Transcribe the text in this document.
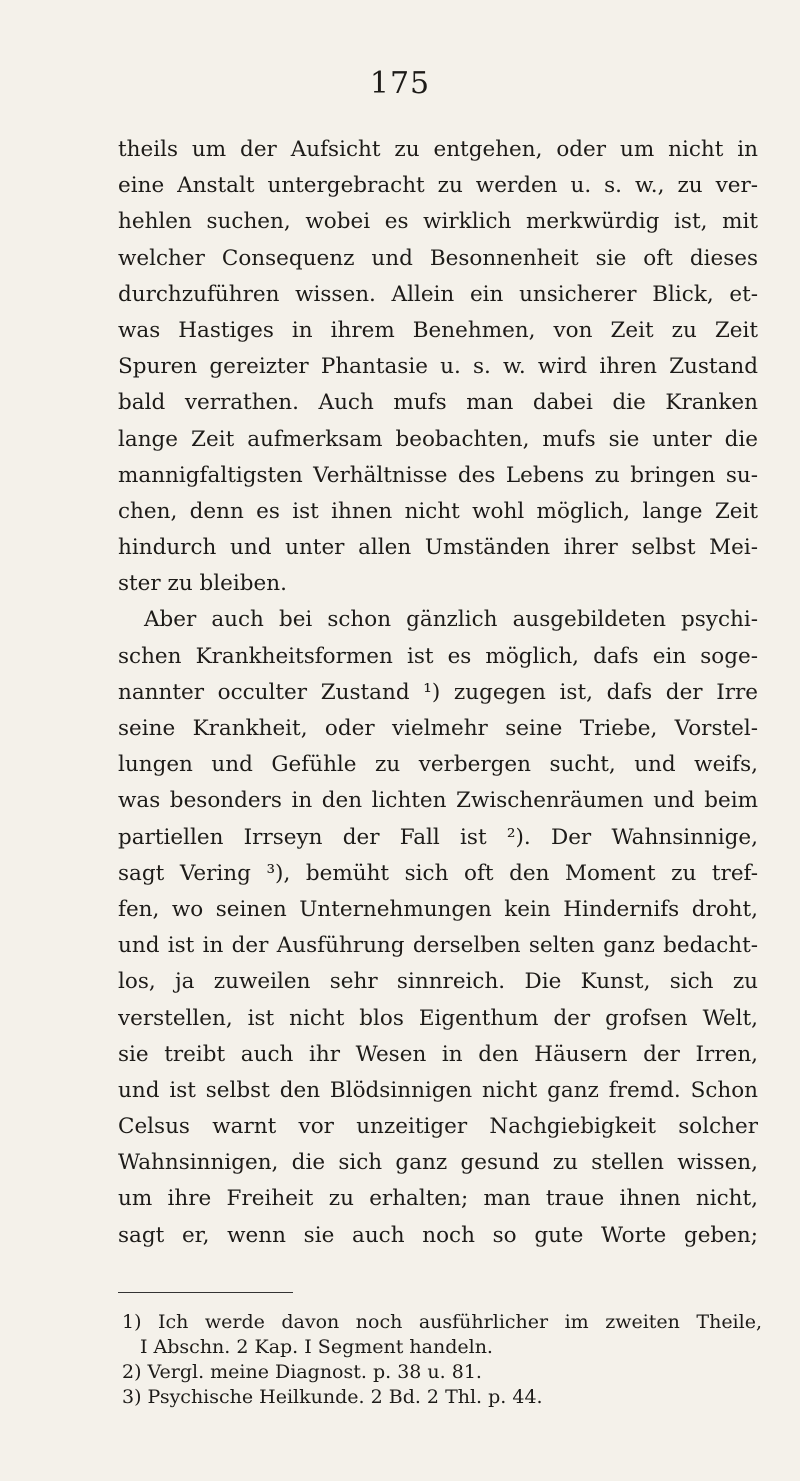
175
theils um der Aufsicht zu entgehen, oder um nicht in
eine Anstalt untergebracht zu werden u. s. w., zu ver-
hehlen suchen, wobei es wirklich merkwürdig ist, mit
welcher Consequenz und Besonnenheit sie oft dieses
durchzuführen wissen. Allein ein unsicherer Blick, et-
was Hastiges in ihrem Benehmen, von Zeit zu Zeit
Spuren gereizter Phantasie u. s. w. wird ihren Zustand
bald verrathen. Auch mufs man dabei die Kranken
lange Zeit aufmerksam beobachten, mufs sie unter die
mannigfaltigsten Verhältnisse des Lebens zu bringen su-
chen, denn es ist ihnen nicht wohl möglich, lange Zeit
hindurch und unter allen Umständen ihrer selbst Mei-
ster zu bleiben.
Aber auch bei schon gänzlich ausgebildeten psychi-
schen Krankheitsformen ist es möglich, dafs ein soge-
nannter occulter Zustand ¹) zugegen ist, dafs der Irre
seine Krankheit, oder vielmehr seine Triebe, Vorstel-
lungen und Gefühle zu verbergen sucht, und weifs,
was besonders in den lichten Zwischenräumen und beim
partiellen Irrseyn der Fall ist ²). Der Wahnsinnige,
sagt Vering ³), bemüht sich oft den Moment zu tref-
fen, wo seinen Unternehmungen kein Hindernifs droht,
und ist in der Ausführung derselben selten ganz bedacht-
los, ja zuweilen sehr sinnreich. Die Kunst, sich zu
verstellen, ist nicht blos Eigenthum der grofsen Welt,
sie treibt auch ihr Wesen in den Häusern der Irren,
und ist selbst den Blödsinnigen nicht ganz fremd. Schon
Celsus warnt vor unzeitiger Nachgiebigkeit solcher
Wahnsinnigen, die sich ganz gesund zu stellen wissen,
um ihre Freiheit zu erhalten; man traue ihnen nicht,
sagt er, wenn sie auch noch so gute Worte geben;
1) Ich werde davon noch ausführlicher im zweiten Theile,
I Abschn. 2 Kap. I Segment handeln.
2) Vergl. meine Diagnost. p. 38 u. 81.
3) Psychische Heilkunde. 2 Bd. 2 Thl. p. 44.
